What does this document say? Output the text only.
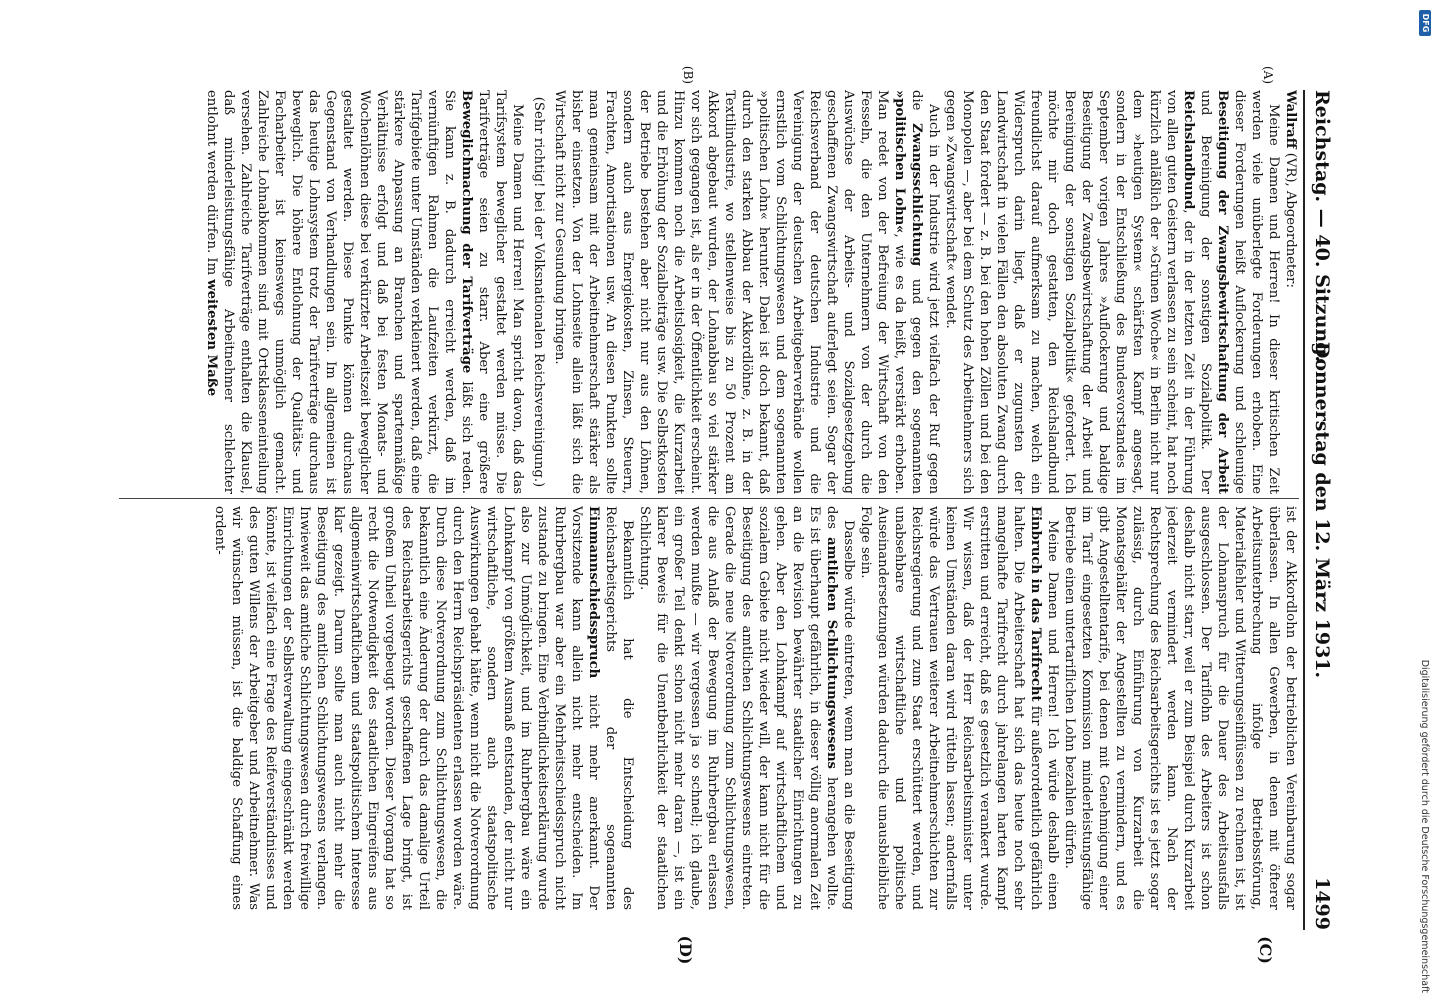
Reichstag. — 40. Sitzung.
Donnerstag den 12. März 1931.
1499

Wallraff (VR), Abgeordneter:

Meine Damen und Herren! In dieser kritischen Zeit werden viele unüberlegte Forderungen erhoben. Eine dieser Forderungen heißt Auflockerung und schleunige Beseitigung der Zwangsbewirtschaftung der Arbeit und Bereinigung der sonstigen Sozialpolitik. Der Reichslandbund, der in der letzten Zeit in der Führung von allen guten Geistern verlassen zu sein scheint, hat noch kürzlich anläßlich der »Grünen Woche« in Berlin nicht nur dem »heutigen System« schärfsten Kampf angesagt, sondern in der Entschließung des Bundesvorstandes im September vorigen Jahres »Auflockerung und baldige Beseitigung der Zwangsbewirtschaftung der Arbeit und Bereinigung der sonstigen Sozialpolitik« gefordert. Ich möchte mir doch gestatten, den Reichslandbund freundlichst darauf aufmerksam zu machen, welch ein Widerspruch darin liegt, daß er zugunsten der Landwirtschaft in vielen Fällen den absoluten Zwang durch den Staat fordert — z. B. bei den hohen Zöllen und bei den Monopolen —, aber bei dem Schutz des Arbeitnehmers sich gegen »Zwangswirtschaft« wendet.

Auch in der Industrie wird jetzt vielfach der Ruf gegen die Zwangsschlichtung und gegen den sogenannten »politischen Lohn«, wie es da heißt, verstärkt erhoben. Man redet von der Befreiung der Wirtschaft von den Fesseln, die den Unternehmern von der durch die Auswüchse der Arbeits- und Sozialgesetzgebung geschaffenen Zwangswirtschaft auferlegt seien. Sogar der Reichsverband der deutschen Industrie und die Vereinigung der deutschen Arbeitgeberverbände wollen ernstlich vom Schlichtungswesen und dem sogenannten »politischen Lohn« herunter. Dabei ist doch bekannt, daß durch den starken Abbau der Akkordlöhne, z. B. in der Textilindustrie, wo stellenweise bis zu 50 Prozent am Akkord abgebaut wurden, der Lohnabbau so viel stärker vor sich gegangen ist, als er in der Öffentlichkeit erscheint. Hinzu kommen noch die Arbeitslosigkeit, die Kurzarbeit und die Erhöhung der Sozialbeiträge usw. Die Selbstkosten der Betriebe bestehen aber nicht nur aus den Löhnen, sondern auch aus Energiekosten, Zinsen, Steuern, Frachten, Amortisationen usw. An diesen Punkten sollte man gemeinsam mit der Arbeitnehmerschaft stärker als bisher einsetzen. Von der Lohnseite allein läßt sich die Wirtschaft nicht zur Gesundung bringen.

(Sehr richtig! bei der Volksnationalen Reichsvereinigung.)

Meine Damen und Herren! Man spricht davon, daß das Tarifsystem beweglicher gestaltet werden müsse. Die Tarifverträge seien zu starr. Aber eine größere Beweglichmachung der Tarifverträge läßt sich reden. Sie kann z. B. dadurch erreicht werden, daß im vernünftigen Rahmen die Laufzeiten verkürzt, die Tarifgebiete unter Umständen verkleinert werden, daß eine stärkere Anpassung an Branchen und spartenmäßige Verhältnisse erfolgt und daß bei festen Monats- und Wochenlöhnen diese bei verkürzter Arbeitszeit beweglicher gestaltet werden. Diese Punkte können durchaus Gegenstand von Verhandlungen sein. Im allgemeinen ist das heutige Lohnsystem trotz der Tarifverträge durchaus beweglich. Die höhere Entlohnung der Qualitäts- und Facharbeiter ist keineswegs unmöglich gemacht. Zahlreiche Lohnabkommen sind mit Ortsklasseneinteilung versehen. Zahlreiche Tarifverträge enthalten die Klausel, daß minderleistungsfähige Arbeitnehmer schlechter entlohnt werden dürfen. Im weitesten Maße

ist der Akkordlohn der betrieblichen Vereinbarung sogar überlassen. In allen Gewerben, in denen mit öfterer Arbeitsunterbrechung infolge Betriebsstörung, Materialfehler und Witterungseinflüssen zu rechnen ist, ist der Lohnanspruch für die Dauer des Arbeitsausfalls ausgeschlossen. Der Tariflohn des Arbeiters ist schon deshalb nicht starr, weil er zum Beispiel durch Kurzarbeit jederzeit vermindert werden kann. Nach der Rechtsprechung des Reichsarbeitsgerichts ist es jetzt sogar zulässig, durch Einführung von Kurzarbeit die Monatsgehälter der Angestellten zu vermindern, und es gibt Angestelltentarife, bei denen mit Genehmigung einer im Tarif eingesetzten Kommission minderleistungsfähige Betriebe einen untertariflichen Lohn bezahlen dürfen.

Meine Damen und Herren! Ich würde deshalb einen Einbruch in das Tarifrecht für außerordentlich gefährlich halten. Die Arbeiterschaft hat sich das heute noch sehr mangelhafte Tarifrecht durch jahrelangen harten Kampf erstritten und erreicht, daß es gesetzlich verankert wurde. Wir wissen, daß der Herr Reichsarbeitsminister unter keinen Umständen daran wird rütteln lassen; andernfalls würde das Vertrauen weiterer Arbeitnehmerschichten zur Reichsregierung und zum Staat erschüttert werden, und unabsehbare wirtschaftliche und politische Auseinandersetzungen würden dadurch die unausbleibliche Folge sein.

Dasselbe würde eintreten, wenn man an die Beseitigung des amtlichen Schlichtungswesens herangehen wollte. Es ist überhaupt gefährlich, in dieser völlig anormalen Zeit an die Revision bewährter staatlicher Einrichtungen zu gehen. Aber den Lohnkampf auf wirtschaftlichem und sozialem Gebiete nicht wieder will, der kann nicht für die Beseitigung des amtlichen Schlichtungswesens eintreten. Gerade die neue Notverordnung zum Schlichtungswesen, die aus Anlaß der Bewegung im Ruhrbergbau erlassen werden mußte — wir vergessen ja so schnell; ich glaube, ein großer Teil denkt schon nicht mehr daran —, ist ein klarer Beweis für die Unentbehrlichkeit der staatlichen Schlichtung.

Bekanntlich hat die Entscheidung des Reichsarbeitsgerichts der sogenannten Einmannschiedsspruch nicht mehr anerkannt. Der Vorsitzende kann allein nicht mehr entscheiden. Im Ruhrbergbau war aber ein Mehrheitsschiedsspruch nicht zustande zu bringen. Eine Verbindlichkeitserklärung wurde also zur Unmöglichkeit, und im Ruhrbergbau wäre ein Lohnkampf von größtem Ausmaß entstanden, der nicht nur wirtschaftliche, sondern auch staatspolitische Auswirkungen gehabt hätte, wenn nicht die Notverordnung durch den Herrn Reichspräsidenten erlassen worden wäre. Durch diese Notverordnung zum Schlichtungswesen, die bekanntlich eine Änderung der durch das damalige Urteil des Reichsarbeitsgerichts geschaffenen Lage bringt, ist großem Unheil vorgebeugt worden. Dieser Vorgang hat so recht die Notwendigkeit des staatlichen Eingreifens aus allgemeinwirtschaftlichem und staatspolitischem Interesse klar gezeigt. Darum sollte man auch nicht mehr die Beseitigung des amtlichen Schlichtungswesens verlangen. Inwieweit das amtliche Schlichtungswesen durch freiwillige Einrichtungen der Selbstverwaltung eingeschränkt werden könnte, ist vielfach eine Frage des Reifeverständnisses und des guten Willens der Arbeitgeber und Arbeitnehmer. Was wir wünschen müssen, ist die baldige Schaffung eines ordent-

(A)
(B)
(C)
(D)
DFG
Digitalisierung gefördert durch die Deutsche Forschungsgemeinschaft
